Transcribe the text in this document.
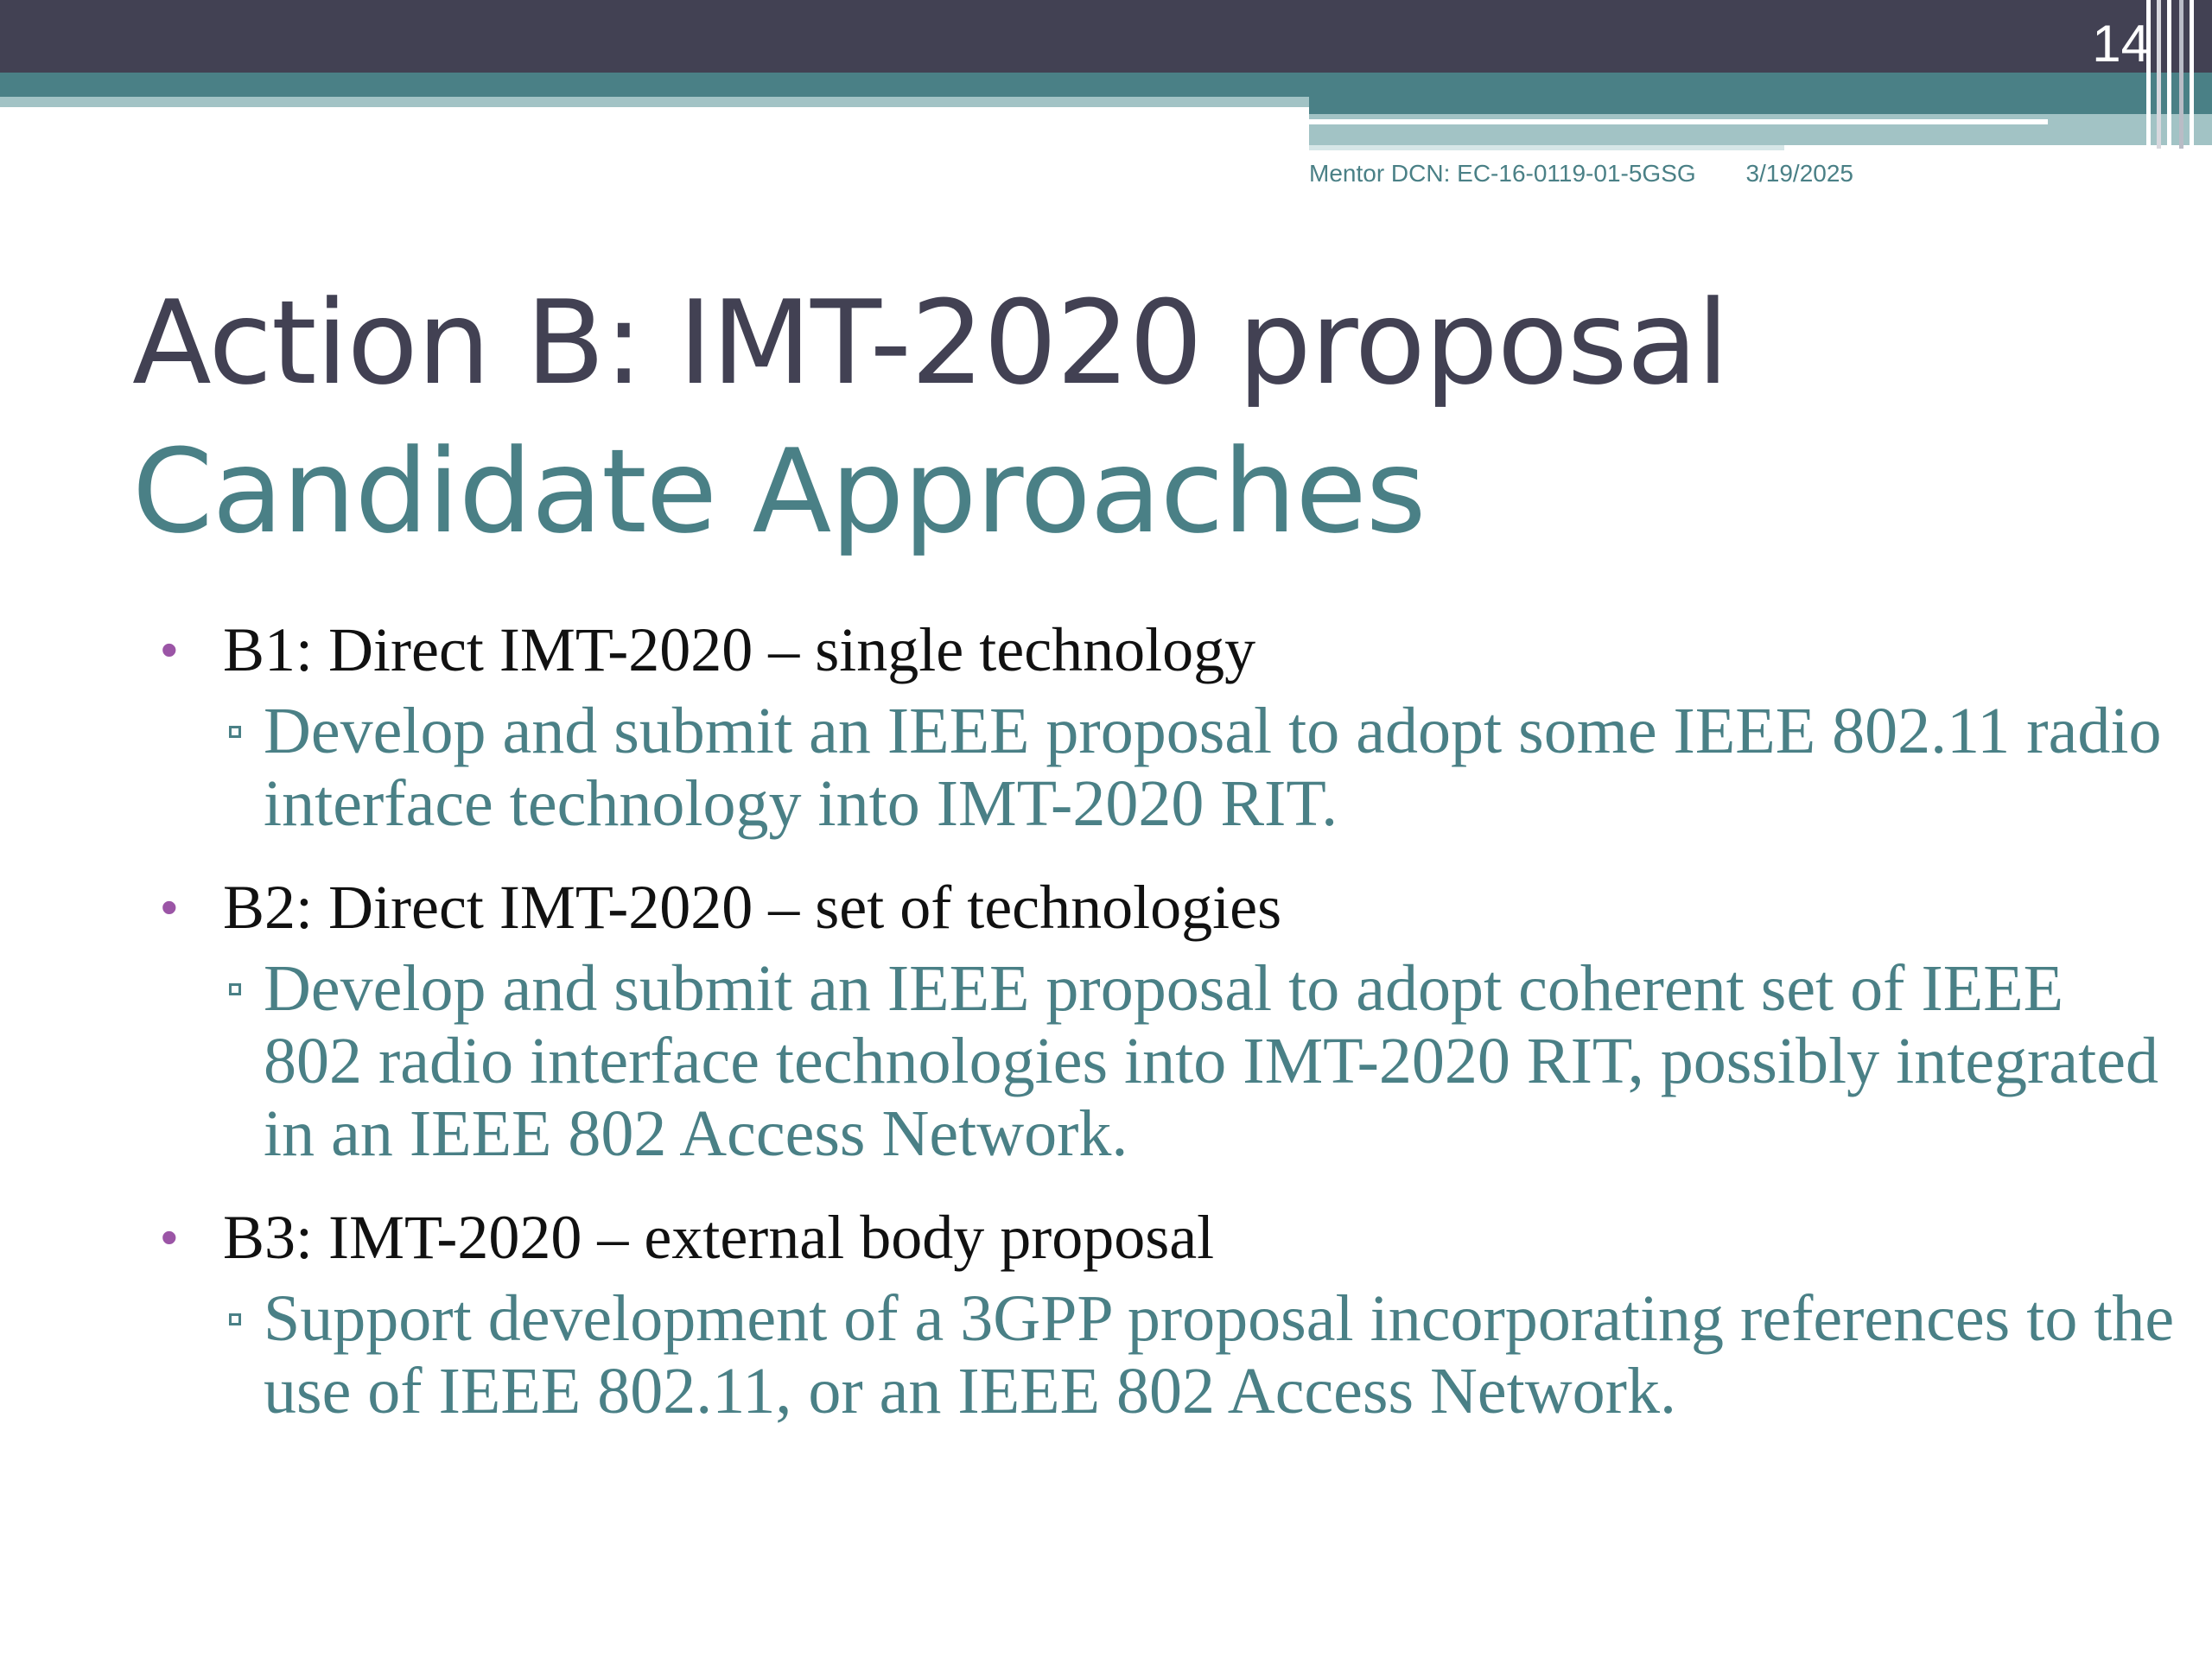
14
Mentor DCN: EC-16-0119-01-5GSG 3/19/2025
Action B: IMT-2020 proposal
Candidate Approaches
• B1: Direct IMT-2020 – single technology
Develop and submit an IEEE proposal to adopt some IEEE 802.11 radio interface technology into IMT-2020 RIT.
• B2: Direct IMT-2020 – set of technologies
Develop and submit an IEEE proposal to adopt coherent set of IEEE 802 radio interface technologies into IMT-2020 RIT, possibly integrated in an IEEE 802 Access Network.
• B3: IMT-2020 – external body proposal
Support development of a 3GPP proposal incorporating references to the use of IEEE 802.11, or an IEEE 802 Access Network.
